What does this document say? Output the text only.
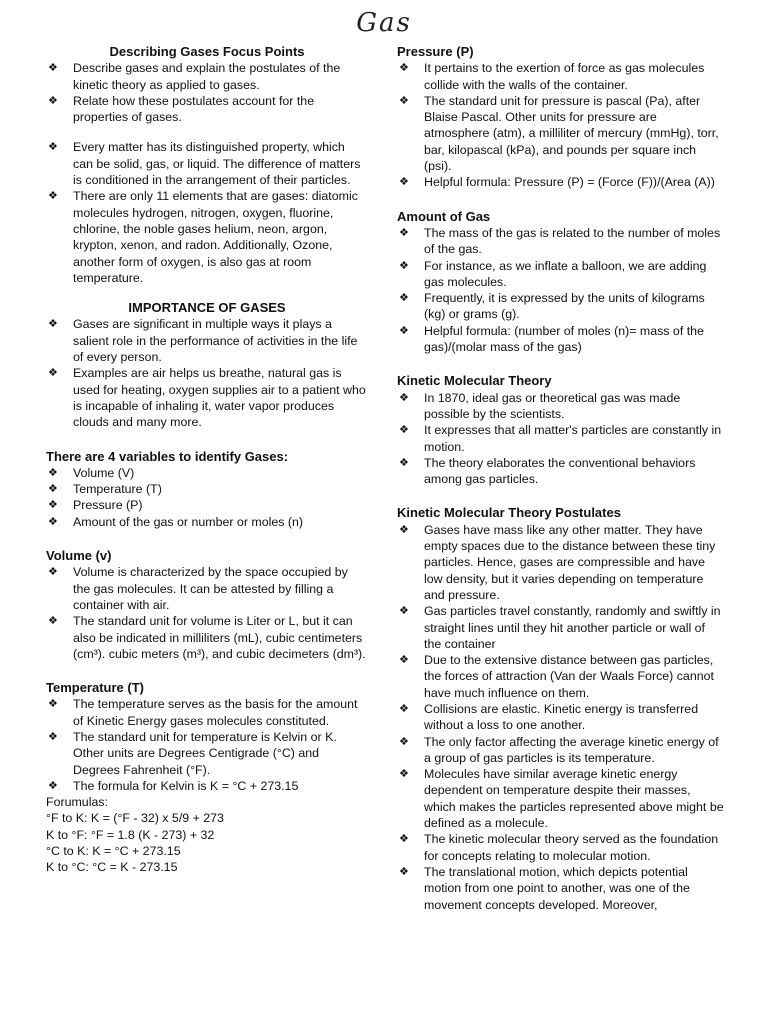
Gas

Describing Gases Focus Points

❖ Describe gases and explain the postulates of the kinetic theory as applied to gases.
❖ Relate how these postulates account for the properties of gases.
❖ Every matter has its distinguished property, which can be solid, gas, or liquid. The difference of matters is conditioned in the arrangement of their particles.
❖ There are only 11 elements that are gases: diatomic molecules hydrogen, nitrogen, oxygen, fluorine, chlorine, the noble gases helium, neon, argon, krypton, xenon, and radon. Additionally, Ozone, another form of oxygen, is also gas at room temperature.

IMPORTANCE OF GASES

❖ Gases are significant in multiple ways it plays a salient role in the performance of activities in the life of every person.
❖ Examples are air helps us breathe, natural gas is used for heating, oxygen supplies air to a patient who is incapable of inhaling it, water vapor produces clouds and many more.

There are 4 variables to identify Gases:

❖ Volume (V)
❖ Temperature (T)
❖ Pressure (P)
❖ Amount of the gas or number or moles (n)

Volume (v)

❖ Volume is characterized by the space occupied by the gas molecules. It can be attested by filling a container with air.
❖ The standard unit for volume is Liter or L, but it can also be indicated in milliliters (mL), cubic centimeters (cm³). cubic meters (m³), and cubic decimeters (dm³).

Temperature (T)

❖ The temperature serves as the basis for the amount of Kinetic Energy gases molecules constituted.
❖ The standard unit for temperature is Kelvin or K. Other units are Degrees Centigrade (°C) and Degrees Fahrenheit (°F).
❖ The formula for Kelvin is K = °C + 273.15

Forumulas:

°F to K: K = (°F - 32) x 5/9 + 273

K to °F: °F = 1.8 (K - 273) + 32

°C to K: K = °C + 273.15

K to °C: °C = K - 273.15

Pressure (P)

❖ It pertains to the exertion of force as gas molecules collide with the walls of the container.
❖ The standard unit for pressure is pascal (Pa), after Blaise Pascal. Other units for pressure are atmosphere (atm), a milliliter of mercury (mmHg), torr, bar, kilopascal (kPa), and pounds per square inch (psi).
❖ Helpful formula: Pressure (P) = (Force (F))/(Area (A))

Amount of Gas

❖ The mass of the gas is related to the number of moles of the gas.
❖ For instance, as we inflate a balloon, we are adding gas molecules.
❖ Frequently, it is expressed by the units of kilograms (kg) or grams (g).
❖ Helpful formula: (number of moles (n)= mass of the gas)/(molar mass of the gas)

Kinetic Molecular Theory

❖ In 1870, ideal gas or theoretical gas was made possible by the scientists.
❖ It expresses that all matter's particles are constantly in motion.
❖ The theory elaborates the conventional behaviors among gas particles.

Kinetic Molecular Theory Postulates

❖ Gases have mass like any other matter. They have empty spaces due to the distance between these tiny particles. Hence, gases are compressible and have low density, but it varies depending on temperature and pressure.
❖ Gas particles travel constantly, randomly and swiftly in straight lines until they hit another particle or wall of the container
❖ Due to the extensive distance between gas particles, the forces of attraction (Van der Waals Force) cannot have much influence on them.
❖ Collisions are elastic. Kinetic energy is transferred without a loss to one another.
❖ The only factor affecting the average kinetic energy of a group of gas particles is its temperature.
❖ Molecules have similar average kinetic energy dependent on temperature despite their masses, which makes the particles represented above might be defined as a molecule.
❖ The kinetic molecular theory served as the foundation for concepts relating to molecular motion.
❖ The translational motion, which depicts potential motion from one point to another, was one of the movement concepts developed. Moreover,
